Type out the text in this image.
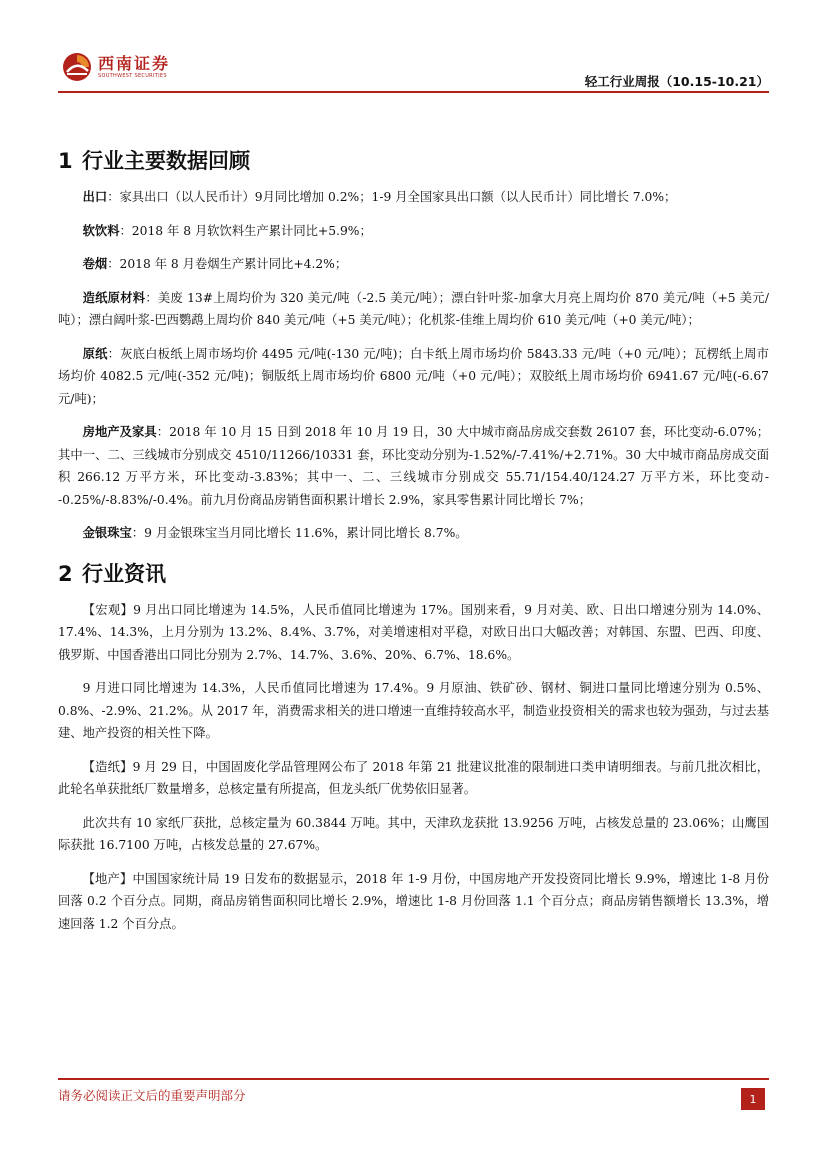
西南证券
SOUTHWEST SECURITIES	轻工行业周报（10.15-10.21）
1 行业主要数据回顾

出口：家具出口（以人民币计）9月同比增加 0.2%；1-9 月全国家具出口额（以人民币计）同比增长 7.0%；

软饮料：2018 年 8 月软饮料生产累计同比+5.9%；

卷烟：2018 年 8 月卷烟生产累计同比+4.2%；

造纸原材料：美废 13#上周均价为 320 美元/吨（-2.5 美元/吨）；漂白针叶浆-加拿大月亮上周均价 870 美元/吨（+5 美元/吨）；漂白阔叶浆-巴西鹦鹉上周均价 840 美元/吨（+5 美元/吨）；化机浆-佳维上周均价 610 美元/吨（+0 美元/吨）；

原纸：灰底白板纸上周市场均价 4495 元/吨(-130 元/吨)；白卡纸上周市场均价 5843.33 元/吨（+0 元/吨）；瓦楞纸上周市场均价 4082.5 元/吨(-352 元/吨)；铜版纸上周市场均价 6800 元/吨（+0 元/吨）；双胶纸上周市场均价 6941.67 元/吨(-6.67 元/吨)；

房地产及家具：2018 年 10 月 15 日到 2018 年 10 月 19 日，30 大中城市商品房成交套数 26107 套，环比变动-6.07%；其中一、二、三线城市分别成交 4510/11266/10331 套，环比变动分别为-1.52%/-7.41%/+2.71%。30 大中城市商品房成交面积 266.12 万平方米，环比变动-3.83%；其中一、二、三线城市分别成交 55.71/154.40/124.27 万平方米，环比变动--0.25%/-8.83%/-0.4%。前九月份商品房销售面积累计增长 2.9%，家具零售累计同比增长 7%；

金银珠宝：9 月金银珠宝当月同比增长 11.6%，累计同比增长 8.7%。

2 行业资讯

【宏观】9 月出口同比增速为 14.5%，人民币值同比增速为 17%。国别来看，9 月对美、欧、日出口增速分别为 14.0%、17.4%、14.3%，上月分别为 13.2%、8.4%、3.7%，对美增速相对平稳，对欧日出口大幅改善；对韩国、东盟、巴西、印度、俄罗斯、中国香港出口同比分别为 2.7%、14.7%、3.6%、20%、6.7%、18.6%。

9 月进口同比增速为 14.3%，人民币值同比增速为 17.4%。9 月原油、铁矿砂、钢材、铜进口量同比增速分别为 0.5%、0.8%、-2.9%、21.2%。从 2017 年，消费需求相关的进口增速一直维持较高水平，制造业投资相关的需求也较为强劲，与过去基建、地产投资的相关性下降。

【造纸】9 月 29 日，中国固废化学品管理网公布了 2018 年第 21 批建议批准的限制进口类申请明细表。与前几批次相比，此轮名单获批纸厂数量增多，总核定量有所提高，但龙头纸厂优势依旧显著。

此次共有 10 家纸厂获批，总核定量为 60.3844 万吨。其中，天津玖龙获批 13.9256 万吨，占核发总量的 23.06%；山鹰国际获批 16.7100 万吨，占核发总量的 27.67%。

【地产】中国国家统计局 19 日发布的数据显示，2018 年 1-9 月份，中国房地产开发投资同比增长 9.9%，增速比 1-8 月份回落 0.2 个百分点。同期，商品房销售面积同比增长 2.9%，增速比 1-8 月份回落 1.1 个百分点；商品房销售额增长 13.3%，增速回落 1.2 个百分点。

请务必阅读正文后的重要声明部分	1
